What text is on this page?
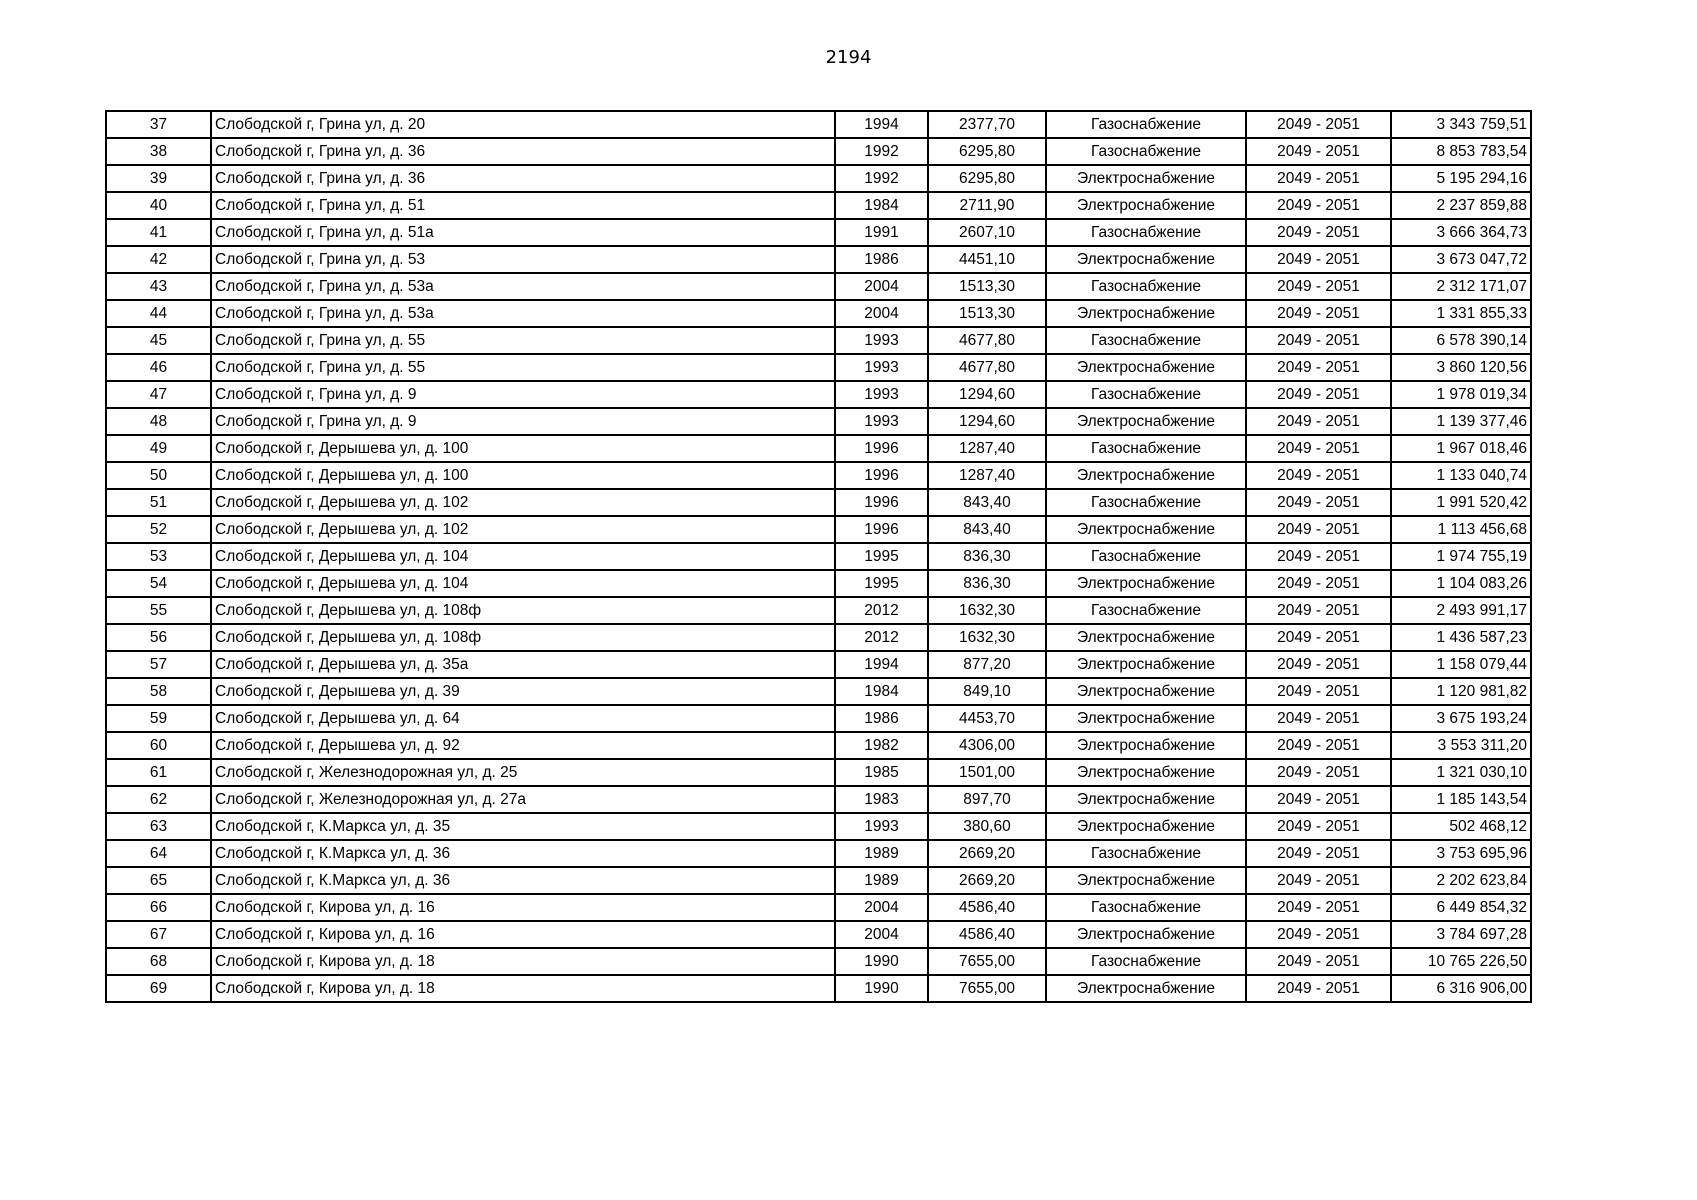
2194
37	Слободской г, Грина ул, д. 20	1994	2377,70	Газоснабжение	2049 - 2051	3 343 759,51
38	Слободской г, Грина ул, д. 36	1992	6295,80	Газоснабжение	2049 - 2051	8 853 783,54
39	Слободской г, Грина ул, д. 36	1992	6295,80	Электроснабжение	2049 - 2051	5 195 294,16
40	Слободской г, Грина ул, д. 51	1984	2711,90	Электроснабжение	2049 - 2051	2 237 859,88
41	Слободской г, Грина ул, д. 51а	1991	2607,10	Газоснабжение	2049 - 2051	3 666 364,73
42	Слободской г, Грина ул, д. 53	1986	4451,10	Электроснабжение	2049 - 2051	3 673 047,72
43	Слободской г, Грина ул, д. 53а	2004	1513,30	Газоснабжение	2049 - 2051	2 312 171,07
44	Слободской г, Грина ул, д. 53а	2004	1513,30	Электроснабжение	2049 - 2051	1 331 855,33
45	Слободской г, Грина ул, д. 55	1993	4677,80	Газоснабжение	2049 - 2051	6 578 390,14
46	Слободской г, Грина ул, д. 55	1993	4677,80	Электроснабжение	2049 - 2051	3 860 120,56
47	Слободской г, Грина ул, д. 9	1993	1294,60	Газоснабжение	2049 - 2051	1 978 019,34
48	Слободской г, Грина ул, д. 9	1993	1294,60	Электроснабжение	2049 - 2051	1 139 377,46
49	Слободской г, Дерышева ул, д. 100	1996	1287,40	Газоснабжение	2049 - 2051	1 967 018,46
50	Слободской г, Дерышева ул, д. 100	1996	1287,40	Электроснабжение	2049 - 2051	1 133 040,74
51	Слободской г, Дерышева ул, д. 102	1996	843,40	Газоснабжение	2049 - 2051	1 991 520,42
52	Слободской г, Дерышева ул, д. 102	1996	843,40	Электроснабжение	2049 - 2051	1 113 456,68
53	Слободской г, Дерышева ул, д. 104	1995	836,30	Газоснабжение	2049 - 2051	1 974 755,19
54	Слободской г, Дерышева ул, д. 104	1995	836,30	Электроснабжение	2049 - 2051	1 104 083,26
55	Слободской г, Дерышева ул, д. 108ф	2012	1632,30	Газоснабжение	2049 - 2051	2 493 991,17
56	Слободской г, Дерышева ул, д. 108ф	2012	1632,30	Электроснабжение	2049 - 2051	1 436 587,23
57	Слободской г, Дерышева ул, д. 35а	1994	877,20	Электроснабжение	2049 - 2051	1 158 079,44
58	Слободской г, Дерышева ул, д. 39	1984	849,10	Электроснабжение	2049 - 2051	1 120 981,82
59	Слободской г, Дерышева ул, д. 64	1986	4453,70	Электроснабжение	2049 - 2051	3 675 193,24
60	Слободской г, Дерышева ул, д. 92	1982	4306,00	Электроснабжение	2049 - 2051	3 553 311,20
61	Слободской г, Железнодорожная ул, д. 25	1985	1501,00	Электроснабжение	2049 - 2051	1 321 030,10
62	Слободской г, Железнодорожная ул, д. 27а	1983	897,70	Электроснабжение	2049 - 2051	1 185 143,54
63	Слободской г, К.Маркса ул, д. 35	1993	380,60	Электроснабжение	2049 - 2051	502 468,12
64	Слободской г, К.Маркса ул, д. 36	1989	2669,20	Газоснабжение	2049 - 2051	3 753 695,96
65	Слободской г, К.Маркса ул, д. 36	1989	2669,20	Электроснабжение	2049 - 2051	2 202 623,84
66	Слободской г, Кирова ул, д. 16	2004	4586,40	Газоснабжение	2049 - 2051	6 449 854,32
67	Слободской г, Кирова ул, д. 16	2004	4586,40	Электроснабжение	2049 - 2051	3 784 697,28
68	Слободской г, Кирова ул, д. 18	1990	7655,00	Газоснабжение	2049 - 2051	10 765 226,50
69	Слободской г, Кирова ул, д. 18	1990	7655,00	Электроснабжение	2049 - 2051	6 316 906,00
